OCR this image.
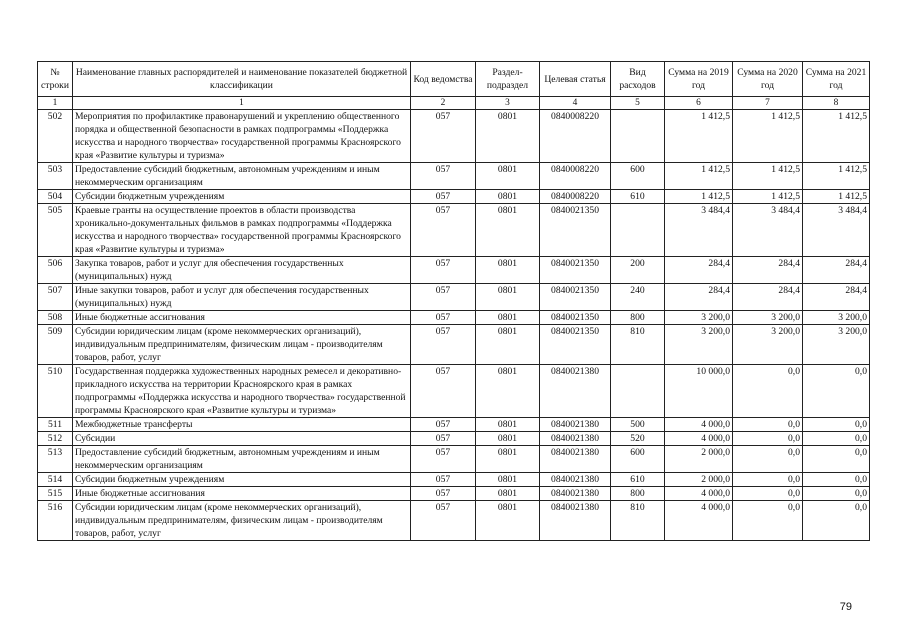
№ строки	Наименование главных распорядителей и наименование показателей бюджетной классификации	Код ведомства	Раздел-подраздел	Целевая статья	Вид расходов	Сумма на 2019 год	Сумма на 2020 год	Сумма на 2021 год
1	1	2	3	4	5	6	7	8
502	Мероприятия по профилактике правонарушений и укреплению общественного порядка и общественной безопасности в рамках подпрограммы «Поддержка искусства и народного творчества» государственной программы Красноярского края «Развитие культуры и туризма»	057	0801	0840008220		1 412,5	1 412,5	1 412,5
503	Предоставление субсидий бюджетным, автономным учреждениям и иным некоммерческим организациям	057	0801	0840008220	600	1 412,5	1 412,5	1 412,5
504	Субсидии бюджетным учреждениям	057	0801	0840008220	610	1 412,5	1 412,5	1 412,5
505	Краевые гранты на осуществление проектов в области производства хроникально-документальных фильмов в рамках подпрограммы «Поддержка искусства и народного творчества» государственной программы Красноярского края «Развитие культуры и туризма»	057	0801	0840021350		3 484,4	3 484,4	3 484,4
506	Закупка товаров, работ и услуг для обеспечения государственных (муниципальных) нужд	057	0801	0840021350	200	284,4	284,4	284,4
507	Иные закупки товаров, работ и услуг для обеспечения государственных (муниципальных) нужд	057	0801	0840021350	240	284,4	284,4	284,4
508	Иные бюджетные ассигнования	057	0801	0840021350	800	3 200,0	3 200,0	3 200,0
509	Субсидии юридическим лицам (кроме некоммерческих организаций), индивидуальным предпринимателям, физическим лицам - производителям товаров, работ, услуг	057	0801	0840021350	810	3 200,0	3 200,0	3 200,0
510	Государственная поддержка художественных народных ремесел и декоративно-прикладного искусства на территории Красноярского края в рамках подпрограммы «Поддержка искусства и народного творчества» государственной программы Красноярского края «Развитие культуры и туризма»	057	0801	0840021380		10 000,0	0,0	0,0
511	Межбюджетные трансферты	057	0801	0840021380	500	4 000,0	0,0	0,0
512	Субсидии	057	0801	0840021380	520	4 000,0	0,0	0,0
513	Предоставление субсидий бюджетным, автономным учреждениям и иным некоммерческим организациям	057	0801	0840021380	600	2 000,0	0,0	0,0
514	Субсидии бюджетным учреждениям	057	0801	0840021380	610	2 000,0	0,0	0,0
515	Иные бюджетные ассигнования	057	0801	0840021380	800	4 000,0	0,0	0,0
516	Субсидии юридическим лицам (кроме некоммерческих организаций), индивидуальным предпринимателям, физическим лицам - производителям товаров, работ, услуг	057	0801	0840021380	810	4 000,0	0,0	0,0
79
